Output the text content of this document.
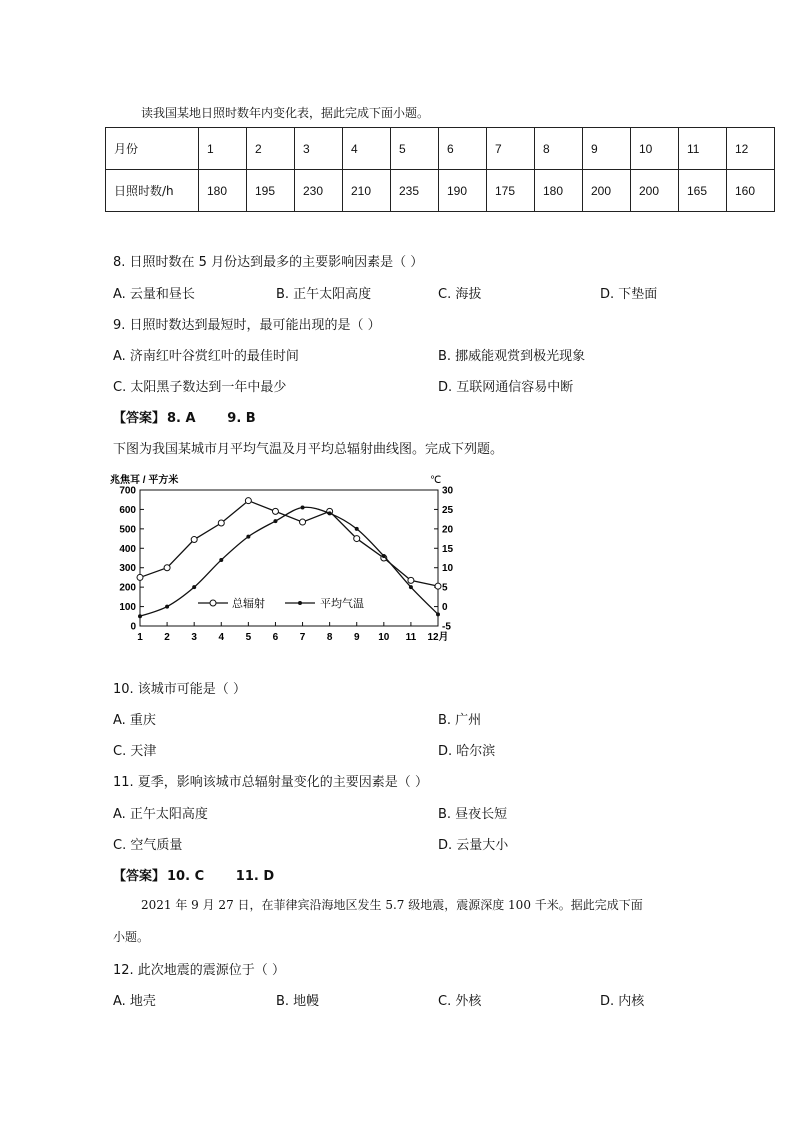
读我国某地日照时数年内变化表，据此完成下面小题。
月份	1	2	3	4	5	6	7	8	9	10	11	12
日照时数/h	180	195	230	210	235	190	175	180	200	200	165	160
8. 日照时数在 5 月份达到最多的主要影响因素是（ ）
A. 云量和昼长	B. 正午太阳高度	C. 海拔	D. 下垫面
9. 日照时数达到最短时，最可能出现的是（ ）
A. 济南红叶谷赏红叶的最佳时间	B. 挪威能观赏到极光现象
C. 太阳黑子数达到一年中最少	D. 互联网通信容易中断
【答案】 8. A       9. B
下图为我国某城市月平均气温及月平均总辐射曲线图。完成下列题。
兆焦耳 / 平方米	℃
0
100
200
300
400
500
600
700
-5
0
5
10
15
20
25
30
1 2 3 4 5 6 7 8 9 10 11 12月
总辐射	平均气温
10. 该城市可能是（ ）
A. 重庆	B. 广州
C. 天津	D. 哈尔滨
11. 夏季，影响该城市总辐射量变化的主要因素是（ ）
A. 正午太阳高度	B. 昼夜长短
C. 空气质量	D. 云量大小
【答案】 10. C       11. D
2021 年 9 月 27 日，在菲律宾沿海地区发生 5.7 级地震，震源深度 100 千米。据此完成下面
小题。
12. 此次地震的震源位于（ ）
A. 地壳	B. 地幔	C. 外核	D. 内核
